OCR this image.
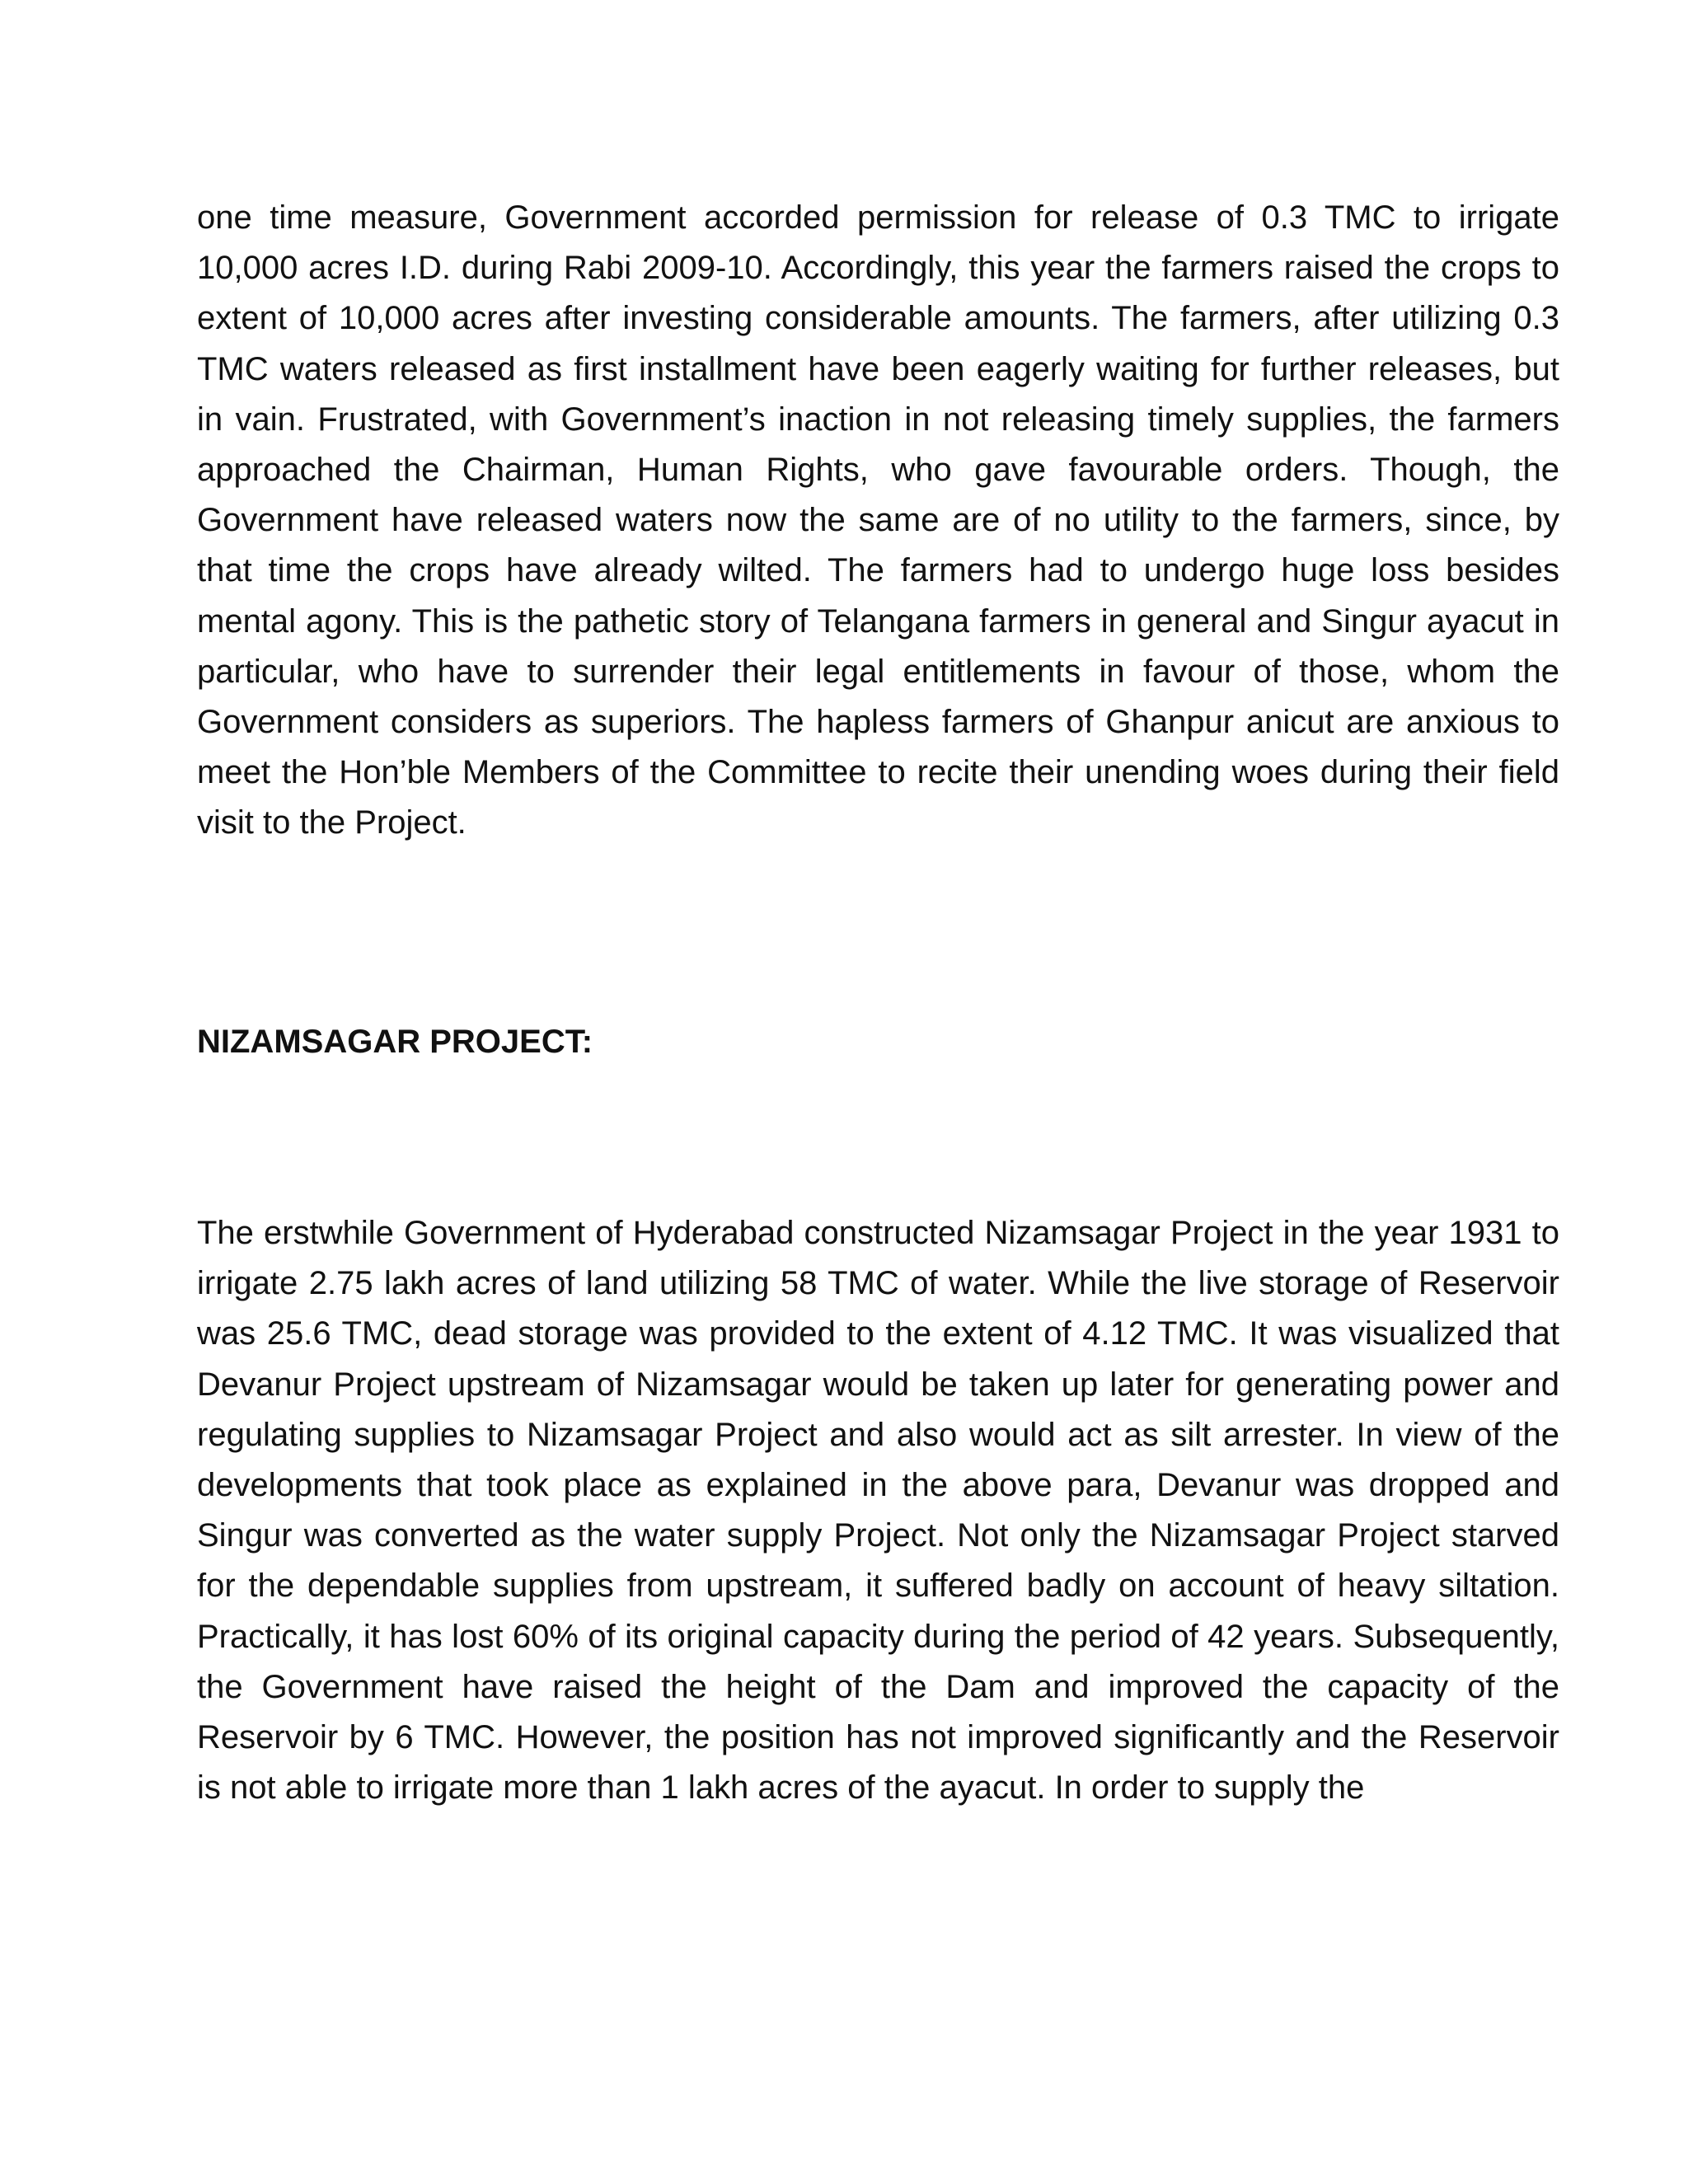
one time measure, Government accorded permission for release of 0.3 TMC to irrigate 10,000 acres I.D. during Rabi 2009-10. Accordingly, this year the farmers raised the crops to extent of 10,000 acres after investing considerable amounts. The farmers, after utilizing 0.3 TMC waters released as first installment have been eagerly waiting for further releases, but in vain. Frustrated, with Government’s inaction in not releasing timely supplies, the farmers approached the Chairman, Human Rights, who gave favourable orders. Though, the Government have released waters now the same are of no utility to the farmers, since, by that time the crops have already wilted. The farmers had to undergo huge loss besides mental agony. This is the pathetic story of Telangana farmers in general and Singur ayacut in particular, who have to surrender their legal entitlements in favour of those, whom the Government considers as superiors. The hapless farmers of Ghanpur anicut are anxious to meet the Hon’ble Members of the Committee to recite their unending woes during their field visit to the Project.

NIZAMSAGAR PROJECT:

The erstwhile Government of Hyderabad constructed Nizamsagar Project in the year 1931 to irrigate 2.75 lakh acres of land utilizing 58 TMC of water. While the live storage of Reservoir was 25.6 TMC, dead storage was provided to the extent of 4.12 TMC. It was visualized that Devanur Project upstream of Nizamsagar would be taken up later for generating power and regulating supplies to Nizamsagar Project and also would act as silt arrester. In view of the developments that took place as explained in the above para, Devanur was dropped and Singur was converted as the water supply Project. Not only the Nizamsagar Project starved for the dependable supplies from upstream, it suffered badly on account of heavy siltation. Practically, it has lost 60% of its original capacity during the period of 42 years. Subsequently, the Government have raised the height of the Dam and improved the capacity of the Reservoir by 6 TMC. However, the position has not improved significantly and the Reservoir is not able to irrigate more than 1 lakh acres of the ayacut. In order to supply the
